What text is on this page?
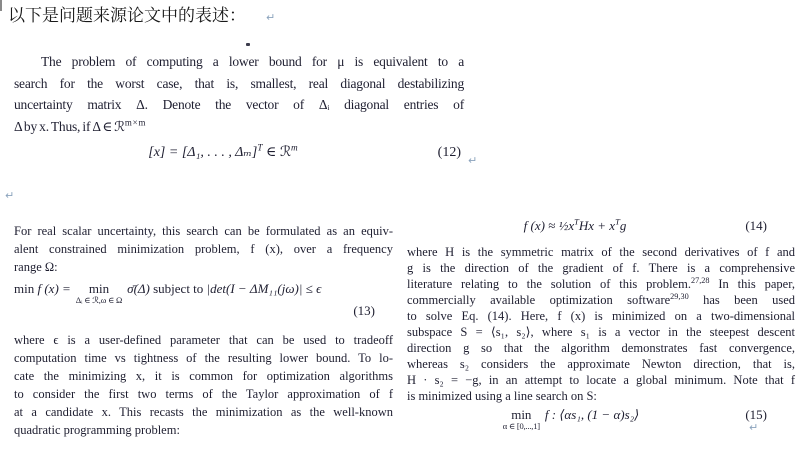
以下是问题来源论文中的表述： ↵
The problem of computing a lower bound for μ is equivalent to a
search for the worst case, that is, smallest, real diagonal destabilizing
uncertainty matrix Δ. Denote the vector of Δᵢ diagonal entries of
Δ by x. Thus, if Δ ∈ ℛ$^{m \times m}$
[x] = [Δ₁, . . . , Δₘ]$^T$ ∈ ℛ$^m$	(12)
↵
↵
For real scalar uncertainty, this search can be formulated as an equiv-
alent constrained minimization problem, f (x), over a frequency
range Ω:
min f (x) = min
Δᵢ ∈ ℛ,ω ∈ Ω
σ̄(Δ) subject to |det(I − ΔM₁₁(jω)| ≤ ϵ
(13)
where ϵ is a user-defined parameter that can be used to tradeoff
computation time vs tightness of the resulting lower bound. To lo-
cate the minimizing x, it is common for optimization algorithms
to consider the first two terms of the Taylor approximation of f
at a candidate x. This recasts the minimization as the well-known
quadratic programming problem:
f $(x) \approx \frac{1}{2}x^THx + x^Tg$	(14)
where H is the symmetric matrix of the second derivatives of f and
g is the direction of the gradient of f. There is a comprehensive
literature relating to the solution of this problem.$^{27,28}$ In this paper,
commercially available optimization software$^{29,30}$ has been used
to solve Eq. (14). Here, f (x) is minimized on a two-dimensional
subspace S = ⟨s₁, s₂⟩, where s₁ is a vector in the steepest descent
direction g so that the algorithm demonstrates fast convergence,
whereas s₂ considers the approximate Newton direction, that is,
H · s₂ = −g, in an attempt to locate a global minimum. Note that f
is minimized using a line search on S:
min
α ∈ [0,...,1]
f : ⟨αs₁, (1 − α)s₂⟩	(15)
↵
